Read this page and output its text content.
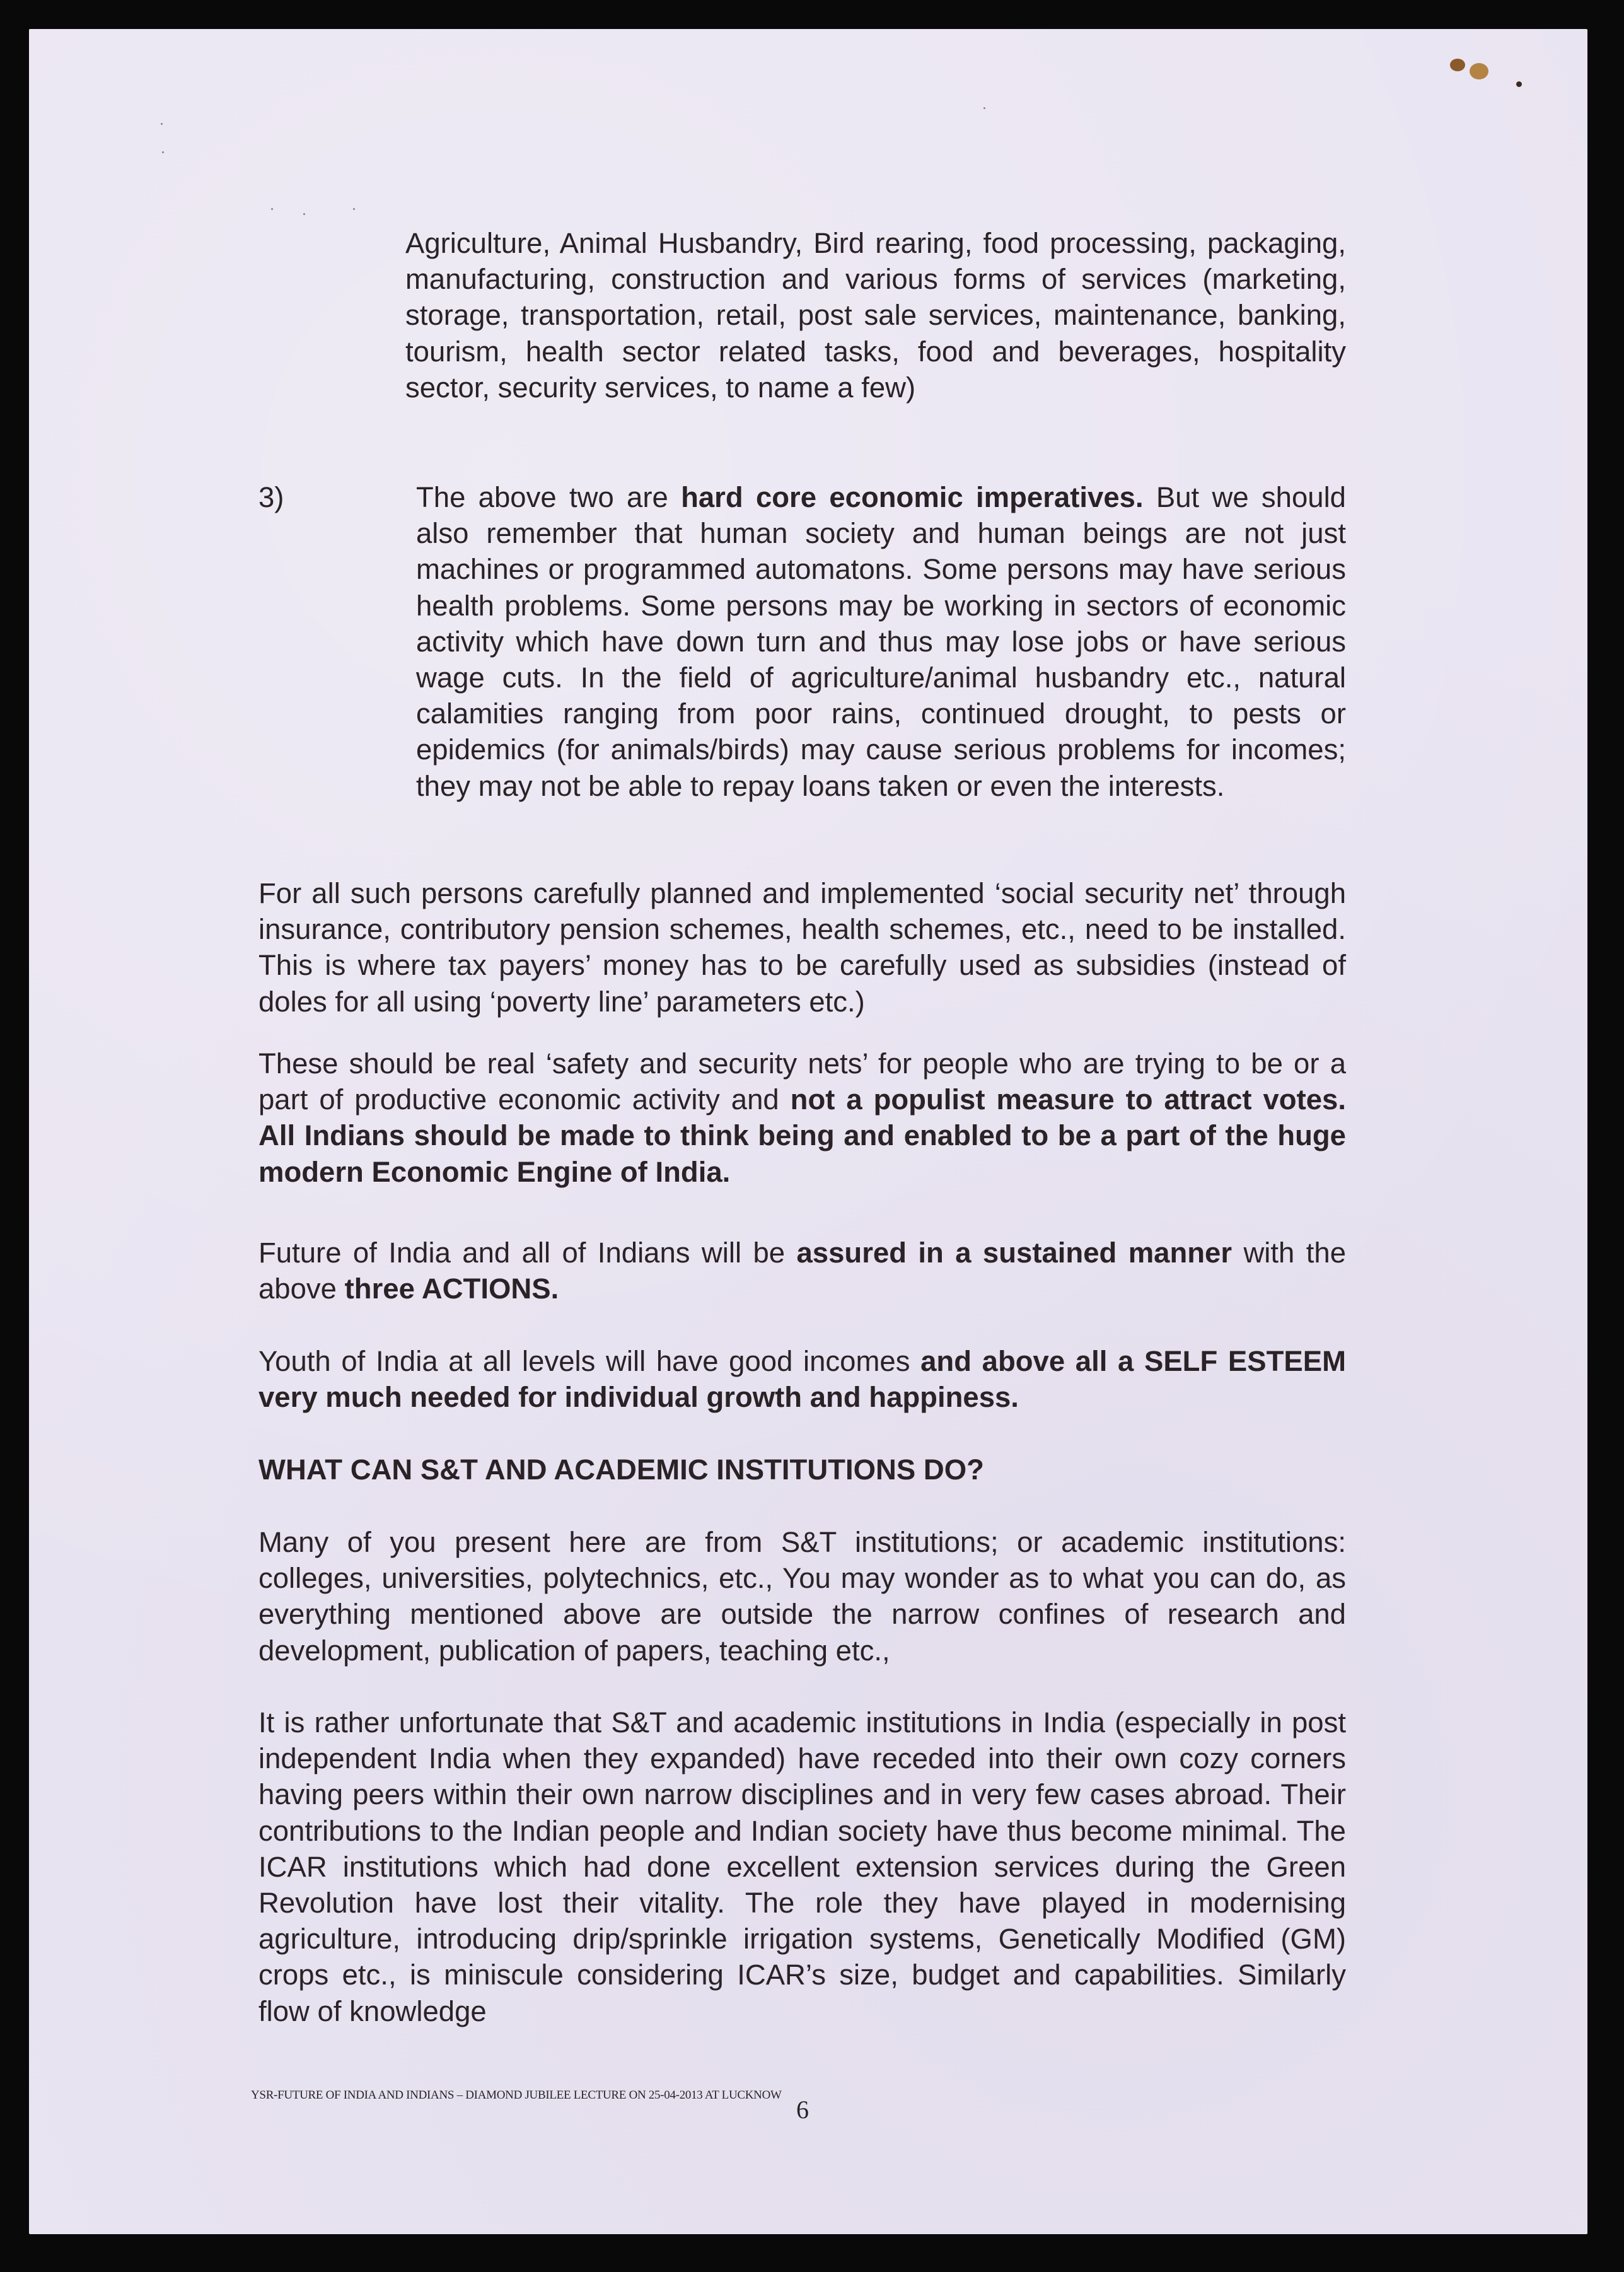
Agriculture, Animal Husbandry, Bird rearing, food processing, packaging, manufacturing, construction and various forms of services (marketing, storage, transportation, retail, post sale services, maintenance, banking, tourism, health sector related tasks, food and beverages, hospitality sector, security services, to name a few)

3)	The above two are hard core economic imperatives. But we should also remember that human society and human beings are not just machines or programmed automatons. Some persons may have serious health problems. Some persons may be working in sectors of economic activity which have down turn and thus may lose jobs or have serious wage cuts. In the field of agriculture/animal husbandry etc., natural calamities ranging from poor rains, continued drought, to pests or epidemics (for animals/birds) may cause serious problems for incomes; they may not be able to repay loans taken or even the interests.

For all such persons carefully planned and implemented ‘social security net’ through insurance, contributory pension schemes, health schemes, etc., need to be installed. This is where tax payers’ money has to be carefully used as subsidies (instead of doles for all using ‘poverty line’ parameters etc.)

These should be real ‘safety and security nets’ for people who are trying to be or a part of productive economic activity and not a populist measure to attract votes. All Indians should be made to think being and enabled to be a part of the huge modern Economic Engine of India.

Future of India and all of Indians will be assured in a sustained manner with the above three ACTIONS.

Youth of India at all levels will have good incomes and above all a SELF ESTEEM very much needed for individual growth and happiness.

WHAT CAN S&T AND ACADEMIC INSTITUTIONS DO?

Many of you present here are from S&T institutions; or academic institutions: colleges, universities, polytechnics, etc., You may wonder as to what you can do, as everything mentioned above are outside the narrow confines of research and development, publication of papers, teaching etc.,

It is rather unfortunate that S&T and academic institutions in India (especially in post independent India when they expanded) have receded into their own cozy corners having peers within their own narrow disciplines and in very few cases abroad. Their contributions to the Indian people and Indian society have thus become minimal. The ICAR institutions which had done excellent extension services during the Green Revolution have lost their vitality. The role they have played in modernising agriculture, introducing drip/sprinkle irrigation systems, Genetically Modified (GM) crops etc., is miniscule considering ICAR’s size, budget and capabilities. Similarly flow of knowledge

YSR-FUTURE OF INDIA AND INDIANS – DIAMOND JUBILEE LECTURE ON 25-04-2013 AT LUCKNOW
6
